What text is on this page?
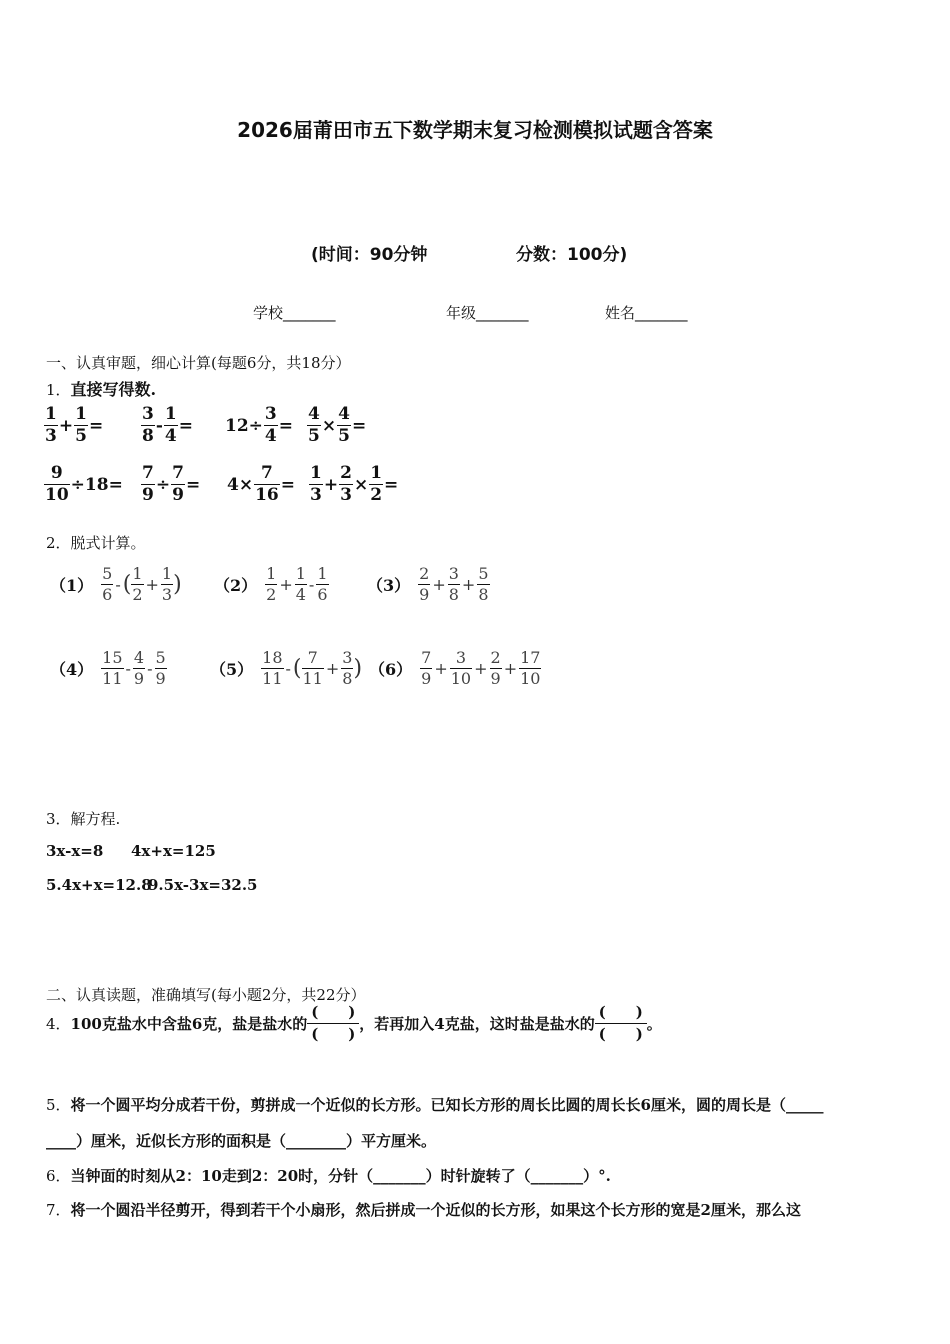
2026届莆田市五下数学期末复习检测模拟试题含答案
(时间：90分钟	分数：100分)
学校_______	年级_______	姓名_______
一、认真审题，细心计算(每题6分，共18分）
1．直接写得数.
$\frac{1}{3} + \frac{1}{5} = \frac{3}{8} - \frac{1}{4} = 12\div \frac{3}{4} = \frac{4}{5} \times \frac{4}{5}$ =
$\frac{9}{10} \div 18= \frac{7}{9} \div \frac{7}{9} = 4\times \frac{7}{16} = \frac{1}{3} + \frac{2}{3} \times \frac{1}{2}$ =
2．脱式计算。
$(1) \frac{5}{6}$ -( $\frac{1}{2} + \frac{1}{3}$ ) $(2) \frac{1}{2} + \frac{1}{4} - \frac{1}{6} (3) \frac{2}{9} + \frac{3}{8} + \frac{5}{8}$
$(4) \frac{15}{11} - \frac{4}{9} - \frac{5}{9}$	$(5) \frac{18}{11}$ -( $\frac{7}{11} + \frac{3}{8}$ ) $(6) \frac{7}{9} + \frac{3}{10} + \frac{2}{9} + \frac{17}{10}$
3．解方程.
3x-x=8 4x+x=125
5.4x+x=12.8
9.5x-3x=32.5
二、认真读题，准确填写(每小题2分，共22分）
4．100克盐水中含盐6克，盐是盐水的
(　　)
(　　)
，若再加入4克盐，这时盐是盐水的
(　　)
(　　)
。
5．将一个圆平均分成若干份，剪拼成一个近似的长方形。已知长方形的周长比圆的周长长6厘米，圆的周长是（_____
____）厘米，近似长方形的面积是（________）平方厘米。
6．当钟面的时刻从2：10走到2：20时，分针（_______）时针旋转了（_______）°.
7．将一个圆沿半径剪开，得到若干个小扇形，然后拼成一个近似的长方形，如果这个长方形的宽是2厘米，那么这
